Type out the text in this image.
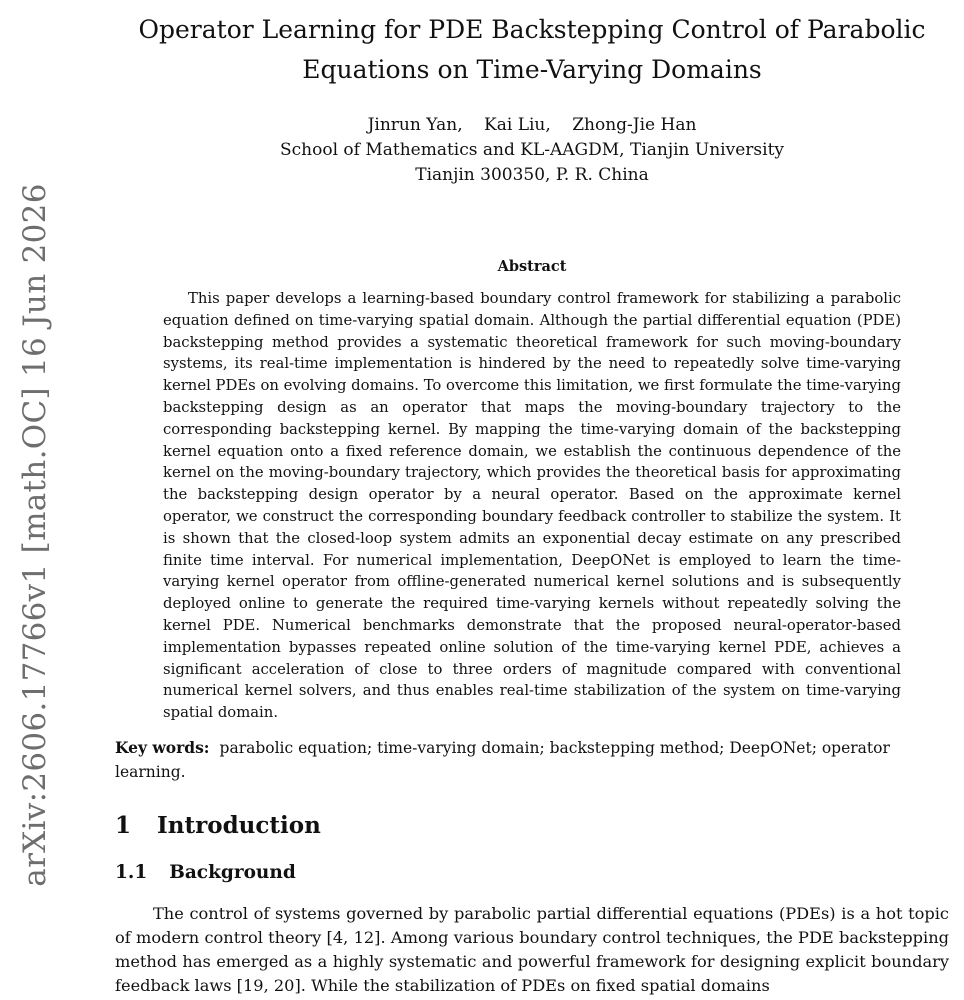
arXiv:2606.17766v1 [math.OC] 16 Jun 2026
Operator Learning for PDE Backstepping Control of Parabolic
Equations on Time-Varying Domains
Jinrun Yan, Kai Liu, Zhong-Jie Han
School of Mathematics and KL-AAGDM, Tianjin University
Tianjin 300350, P. R. China
Abstract

This paper develops a learning-based boundary control framework for stabilizing a parabolic equation defined on time-varying spatial domain. Although the partial differential equation (PDE) backstepping method provides a systematic theoretical framework for such moving-boundary systems, its real-time implementation is hindered by the need to repeatedly solve time-varying kernel PDEs on evolving domains. To overcome this limitation, we first formulate the time-varying backstepping design as an operator that maps the moving-boundary trajectory to the corresponding backstepping kernel. By mapping the time-varying domain of the backstepping kernel equation onto a fixed reference domain, we establish the continuous dependence of the kernel on the moving-boundary trajectory, which provides the theoretical basis for approximating the backstepping design operator by a neural operator. Based on the approximate kernel operator, we construct the corresponding boundary feedback controller to stabilize the system. It is shown that the closed-loop system admits an exponential decay estimate on any prescribed finite time interval. For numerical implementation, DeepONet is employed to learn the time-varying kernel operator from offline-generated numerical kernel solutions and is subsequently deployed online to generate the required time-varying kernels without repeatedly solving the kernel PDE. Numerical benchmarks demonstrate that the proposed neural-operator-based implementation bypasses repeated online solution of the time-varying kernel PDE, achieves a significant acceleration of close to three orders of magnitude compared with conventional numerical kernel solvers, and thus enables real-time stabilization of the system on time-varying spatial domain.

Key words: parabolic equation; time-varying domain; backstepping method; DeepONet; operator learning.

1 Introduction
1.1 Background

The control of systems governed by parabolic partial differential equations (PDEs) is a hot topic of modern control theory [4, 12]. Among various boundary control techniques, the PDE backstepping method has emerged as a highly systematic and powerful framework for designing explicit boundary feedback laws [19, 20]. While the stabilization of PDEs on fixed spatial domains
